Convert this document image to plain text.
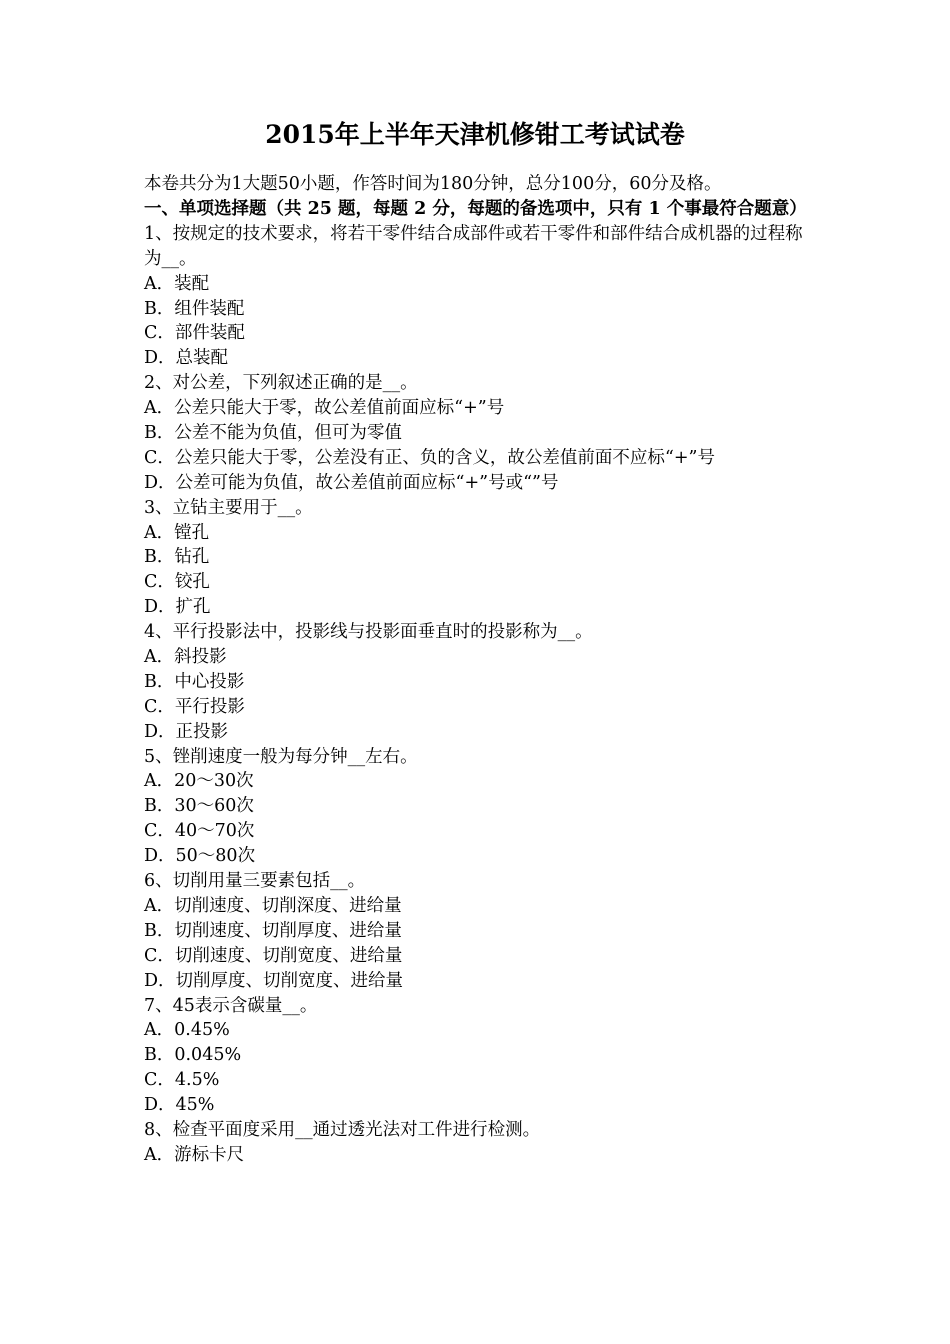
2015年上半年天津机修钳工考试试卷
本卷共分为1大题50小题，作答时间为180分钟，总分100分，60分及格。
一、单项选择题（共 25 题，每题 2 分，每题的备选项中，只有 1 个事最符合题意）
1、按规定的技术要求，将若干零件结合成部件或若干零件和部件结合成机器的过程称为__。
A．装配
B．组件装配
C．部件装配
D．总装配
2、对公差，下列叙述正确的是__。
A．公差只能大于零，故公差值前面应标“+”号
B．公差不能为负值，但可为零值
C．公差只能大于零，公差没有正、负的含义，故公差值前面不应标“+”号
D．公差可能为负值，故公差值前面应标“+”号或“”号
3、立钻主要用于__。
A．镗孔
B．钻孔
C．铰孔
D．扩孔
4、平行投影法中，投影线与投影面垂直时的投影称为__。
A．斜投影
B．中心投影
C．平行投影
D．正投影
5、锉削速度一般为每分钟__左右。
A．20～30次
B．30～60次
C．40～70次
D．50～80次
6、切削用量三要素包括__。
A．切削速度、切削深度、进给量
B．切削速度、切削厚度、进给量
C．切削速度、切削宽度、进给量
D．切削厚度、切削宽度、进给量
7、45表示含碳量__。
A．0.45%
B．0.045%
C．4.5%
D．45%
8、检查平面度采用__通过透光法对工件进行检测。
A．游标卡尺
